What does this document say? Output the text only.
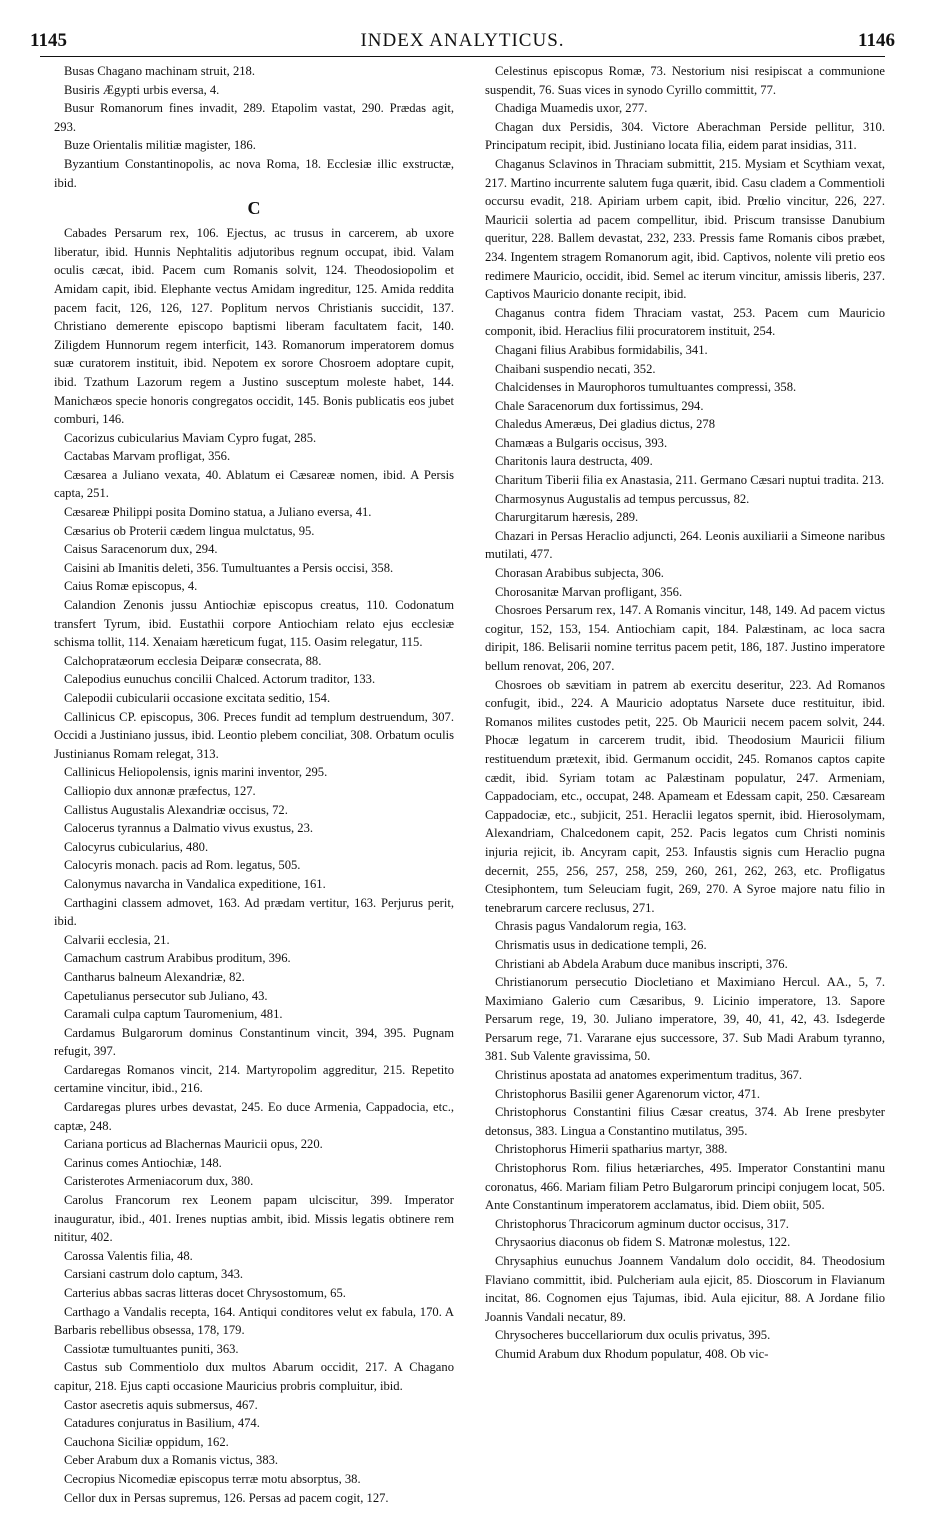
1145	INDEX ANALYTICUS.	1146

Busas Chagano machinam struit, 218.

Busiris Ægypti urbis eversa, 4.

Busur Romanorum fines invadit, 289. Etapolim vastat, 290. Prædas agit, 293.

Buze Orientalis militiæ magister, 186.

Byzantium Constantinopolis, ac nova Roma, 18. Ecclesiæ illic exstructæ, ibid.

C

Cabades Persarum rex, 106. Ejectus, ac trusus in carcerem, ab uxore liberatur, ibid. Hunnis Nephtalitis adjutoribus regnum occupat, ibid. Valam oculis cæcat, ibid. Pacem cum Romanis solvit, 124. Theodosiopolim et Amidam capit, ibid. Elephante vectus Amidam ingreditur, 125. Amida reddita pacem facit, 126, 126, 127. Poplitum nervos Christianis succidit, 137. Christiano demerente episcopo baptismi liberam facultatem facit, 140. Ziligdem Hunnorum regem interficit, 143. Romanorum imperatorem domus suæ curatorem instituit, ibid. Nepotem ex sorore Chosroem adoptare cupit, ibid. Tzathum Lazorum regem a Justino susceptum moleste habet, 144. Manichæos specie honoris congregatos occidit, 145. Bonis publicatis eos jubet comburi, 146.

Cacorizus cubicularius Maviam Cypro fugat, 285.

Cactabas Marvam profligat, 356.

Cæsarea a Juliano vexata, 40. Ablatum ei Cæsareæ nomen, ibid. A Persis capta, 251.

Cæsareæ Philippi posita Domino statua, a Juliano eversa, 41.

Cæsarius ob Proterii cædem lingua mulctatus, 95.

Caisus Saracenorum dux, 294.

Caisini ab Imanitis deleti, 356. Tumultuantes a Persis occisi, 358.

Caius Romæ episcopus, 4.

Calandion Zenonis jussu Antiochiæ episcopus creatus, 110. Codonatum transfert Tyrum, ibid. Eustathii corpore Antiochiam relato ejus ecclesiæ schisma tollit, 114. Xenaiam hæreticum fugat, 115. Oasim relegatur, 115.

Calchopratæorum ecclesia Deiparæ consecrata, 88.

Calepodius eunuchus concilii Chalced. Actorum traditor, 133.

Calepodii cubicularii occasione excitata seditio, 154.

Callinicus CP. episcopus, 306. Preces fundit ad templum destruendum, 307. Occidi a Justiniano jussus, ibid. Leontio plebem conciliat, 308. Orbatum oculis Justinianus Romam relegat, 313.

Callinicus Heliopolensis, ignis marini inventor, 295.

Calliopio dux annonæ præfectus, 127.

Callistus Augustalis Alexandriæ occisus, 72.

Calocerus tyrannus a Dalmatio vivus exustus, 23.

Calocyrus cubicularius, 480.

Calocyris monach. pacis ad Rom. legatus, 505.

Calonymus navarcha in Vandalica expeditione, 161.

Carthagini classem admovet, 163. Ad prædam vertitur, 163. Perjurus perit, ibid.

Calvarii ecclesia, 21.

Camachum castrum Arabibus proditum, 396.

Cantharus balneum Alexandriæ, 82.

Capetulianus persecutor sub Juliano, 43.

Caramali culpa captum Tauromenium, 481.

Cardamus Bulgarorum dominus Constantinum vincit, 394, 395. Pugnam refugit, 397.

Cardaregas Romanos vincit, 214. Martyropolim aggreditur, 215. Repetito certamine vincitur, ibid., 216.

Cardaregas plures urbes devastat, 245. Eo duce Armenia, Cappadocia, etc., captæ, 248.

Cariana porticus ad Blachernas Mauricii opus, 220.

Carinus comes Antiochiæ, 148.

Caristerotes Armeniacorum dux, 380.

Carolus Francorum rex Leonem papam ulciscitur, 399. Imperator inauguratur, ibid., 401. Irenes nuptias ambit, ibid. Missis legatis obtinere rem nititur, 402.

Carossa Valentis filia, 48.

Carsiani castrum dolo captum, 343.

Carterius abbas sacras litteras docet Chrysostomum, 65.

Carthago a Vandalis recepta, 164. Antiqui conditores velut ex fabula, 170. A Barbaris rebellibus obsessa, 178, 179.

Cassiotæ tumultuantes puniti, 363.

Castus sub Commentiolo dux multos Abarum occidit, 217. A Chagano capitur, 218. Ejus capti occasione Mauricius probris compluitur, ibid.

Castor asecretis aquis submersus, 467.

Catadures conjuratus in Basilium, 474.

Cauchona Siciliæ oppidum, 162.

Ceber Arabum dux a Romanis victus, 383.

Cecropius Nicomediæ episcopus terræ motu absorptus, 38.

Cellor dux in Persas supremus, 126. Persas ad pacem cogit, 127.

Celestinus episcopus Romæ, 73. Nestorium nisi resipiscat a communione suspendit, 76. Suas vices in synodo Cyrillo committit, 77.

Chadiga Muamedis uxor, 277.

Chagan dux Persidis, 304. Victore Aberachman Perside pellitur, 310. Principatum recipit, ibid. Justiniano locata filia, eidem parat insidias, 311.

Chaganus Sclavinos in Thraciam submittit, 215. Mysiam et Scythiam vexat, 217. Martino incurrente salutem fuga quærit, ibid. Casu cladem a Commentioli occursu evadit, 218. Apiriam urbem capit, ibid. Prœlio vincitur, 226, 227. Mauricii solertia ad pacem compellitur, ibid. Priscum transisse Danubium queritur, 228. Ballem devastat, 232, 233. Pressis fame Romanis cibos præbet, 234. Ingentem stragem Romanorum agit, ibid. Captivos, nolente vili pretio eos redimere Mauricio, occidit, ibid. Semel ac iterum vincitur, amissis liberis, 237. Captivos Mauricio donante recipit, ibid.

Chaganus contra fidem Thraciam vastat, 253. Pacem cum Mauricio componit, ibid. Heraclius filii procuratorem instituit, 254.

Chagani filius Arabibus formidabilis, 341.

Chaibani suspendio necati, 352.

Chalcidenses in Maurophoros tumultuantes compressi, 358.

Chale Saracenorum dux fortissimus, 294.

Chaledus Ameræus, Dei gladius dictus, 278

Chamæas a Bulgaris occisus, 393.

Charitonis laura destructa, 409.

Charitum Tiberii filia ex Anastasia, 211. Germano Cæsari nuptui tradita. 213.

Charmosynus Augustalis ad tempus percussus, 82.

Charurgitarum hæresis, 289.

Chazari in Persas Heraclio adjuncti, 264. Leonis auxiliarii a Simeone naribus mutilati, 477.

Chorasan Arabibus subjecta, 306.

Chorosanitæ Marvan profligant, 356.

Chosroes Persarum rex, 147. A Romanis vincitur, 148, 149. Ad pacem victus cogitur, 152, 153, 154. Antiochiam capit, 184. Palæstinam, ac loca sacra diripit, 186. Belisarii nomine territus pacem petit, 186, 187. Justino imperatore bellum renovat, 206, 207.

Chosroes ob sævitiam in patrem ab exercitu deseritur, 223. Ad Romanos confugit, ibid., 224. A Mauricio adoptatus Narsete duce restituitur, ibid. Romanos milites custodes petit, 225. Ob Mauricii necem pacem solvit, 244. Phocæ legatum in carcerem trudit, ibid. Theodosium Mauricii filium restituendum prætexit, ibid. Germanum occidit, 245. Romanos captos capite cædit, ibid. Syriam totam ac Palæstinam populatur, 247. Armeniam, Cappadociam, etc., occupat, 248. Apameam et Edessam capit, 250. Cæsaream Cappadociæ, etc., subjicit, 251. Heraclii legatos spernit, ibid. Hierosolymam, Alexandriam, Chalcedonem capit, 252. Pacis legatos cum Christi nominis injuria rejicit, ib. Ancyram capit, 253. Infaustis signis cum Heraclio pugna decernit, 255, 256, 257, 258, 259, 260, 261, 262, 263, etc. Profligatus Ctesiphontem, tum Seleuciam fugit, 269, 270. A Syroe majore natu filio in tenebrarum carcere reclusus, 271.

Chrasis pagus Vandalorum regia, 163.

Chrismatis usus in dedicatione templi, 26.

Christiani ab Abdela Arabum duce manibus inscripti, 376.

Christianorum persecutio Diocletiano et Maximiano Hercul. AA., 5, 7. Maximiano Galerio cum Cæsaribus, 9. Licinio imperatore, 13. Sapore Persarum rege, 19, 30. Juliano imperatore, 39, 40, 41, 42, 43. Isdegerde Persarum rege, 71. Vararane ejus successore, 37. Sub Madi Arabum tyranno, 381. Sub Valente gravissima, 50.

Christinus apostata ad anatomes experimentum traditus, 367.

Christophorus Basilii gener Agarenorum victor, 471.

Christophorus Constantini filius Cæsar creatus, 374. Ab Irene presbyter detonsus, 383. Lingua a Constantino mutilatus, 395.

Christophorus Himerii spatharius martyr, 388.

Christophorus Rom. filius hetæriarches, 495. Imperator Constantini manu coronatus, 466. Mariam filiam Petro Bulgarorum principi conjugem locat, 505. Ante Constantinum imperatorem acclamatus, ibid. Diem obiit, 505.

Christophorus Thracicorum agminum ductor occisus, 317.

Chrysaorius diaconus ob fidem S. Matronæ molestus, 122.

Chrysaphius eunuchus Joannem Vandalum dolo occidit, 84. Theodosium Flaviano committit, ibid. Pulcheriam aula ejicit, 85. Dioscorum in Flavianum incitat, 86. Cognomen ejus Tajumas, ibid. Aula ejicitur, 88. A Jordane filio Joannis Vandali necatur, 89.

Chrysocheres buccellariorum dux oculis privatus, 395.

Chumid Arabum dux Rhodum populatur, 408. Ob vic-
